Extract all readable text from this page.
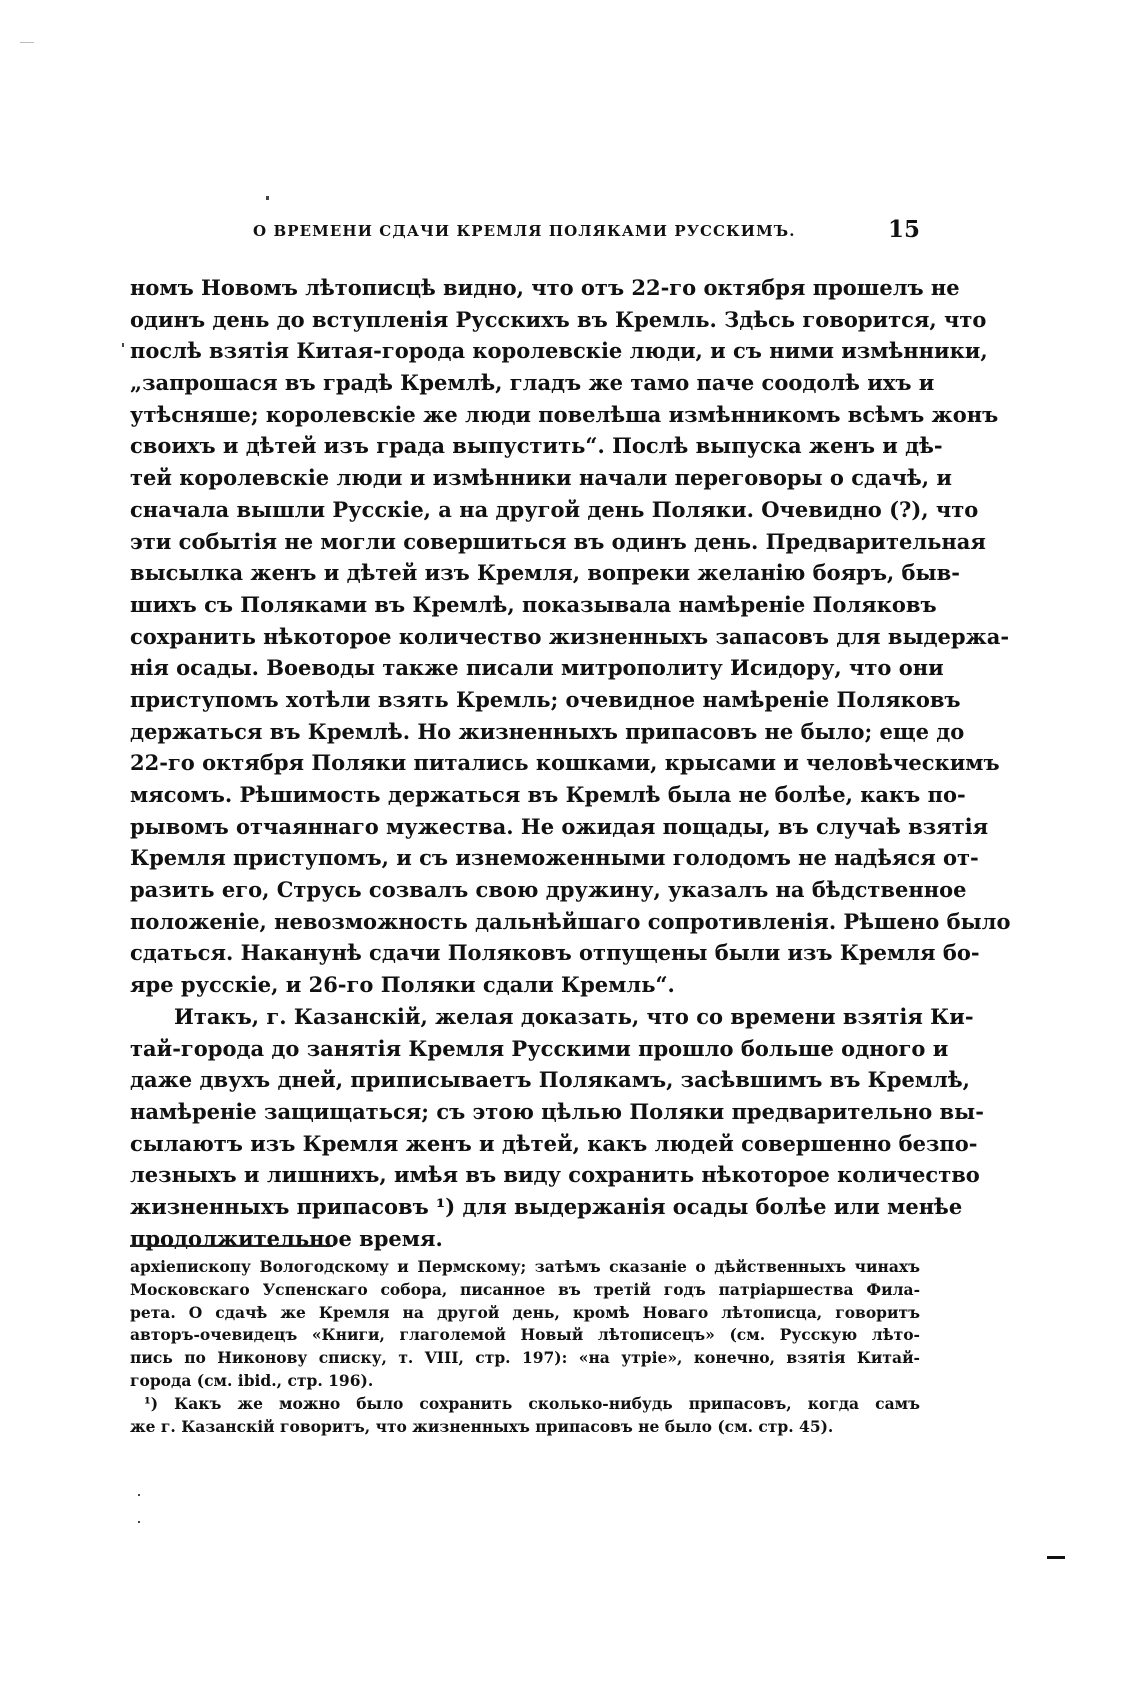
О ВРЕМЕНИ СДАЧИ КРЕМЛЯ ПОЛЯКАМИ РУССКИМЪ.	15
номъ Новомъ лѣтописцѣ видно, что отъ 22-го октября прошелъ не
одинъ день до вступленія Русскихъ въ Кремль. Здѣсь говорится, что
послѣ взятія Китая-города королевскіе люди, и съ ними измѣнники,
„запрошася въ градѣ Кремлѣ, гладъ же тамо паче соодолѣ ихъ и
утѣсняше; королевскіе же люди повелѣша измѣнникомъ всѣмъ жонъ
своихъ и дѣтей изъ града выпустить“. Послѣ выпуска женъ и дѣ-
тей королевскіе люди и измѣнники начали переговоры о сдачѣ, и
сначала вышли Русскіе, а на другой день Поляки. Очевидно (?), что
эти событія не могли совершиться въ одинъ день. Предварительная
высылка женъ и дѣтей изъ Кремля, вопреки желанію бояръ, быв-
шихъ съ Поляками въ Кремлѣ, показывала намѣреніе Поляковъ
сохранить нѣкоторое количество жизненныхъ запасовъ для выдержа-
нія осады. Воеводы также писали митрополиту Исидору, что они
приступомъ хотѣли взять Кремль; очевидное намѣреніе Поляковъ
держаться въ Кремлѣ. Но жизненныхъ припасовъ не было; еще до
22-го октября Поляки питались кошками, крысами и человѣческимъ
мясомъ. Рѣшимость держаться въ Кремлѣ была не болѣе, какъ по-
рывомъ отчаяннаго мужества. Не ожидая пощады, въ случаѣ взятія
Кремля приступомъ, и съ изнеможенными голодомъ не надѣяся от-
разить его, Струсь созвалъ свою дружину, указалъ на бѣдственное
положеніе, невозможность дальнѣйшаго сопротивленія. Рѣшено было
сдаться. Наканунѣ сдачи Поляковъ отпущены были изъ Кремля бо-
яре русскіе, и 26-го Поляки сдали Кремль“.
Итакъ, г. Казанскій, желая доказать, что со времени взятія Ки-
тай-города до занятія Кремля Русскими прошло больше одного и
даже двухъ дней, приписываетъ Полякамъ, засѣвшимъ въ Кремлѣ,
намѣреніе защищаться; съ этою цѣлью Поляки предварительно вы-
сылаютъ изъ Кремля женъ и дѣтей, какъ людей совершенно безпо-
лезныхъ и лишнихъ, имѣя въ виду сохранить нѣкоторое количество
жизненныхъ припасовъ ¹) для выдержанія осады болѣе или менѣе
продолжительное время.
архіепископу Вологодскому и Пермскому; затѣмъ сказаніе о дѣйственныхъ чинахъ
Московскаго Успенскаго собора, писанное въ третій годъ патріаршества Фила-
рета. О сдачѣ же Кремля на другой день, кромѣ Новаго лѣтописца, говоритъ
авторъ-очевидецъ «Книги, глаголемой Новый лѣтописецъ» (см. Русскую лѣто-
пись по Никонову списку, т. VIII, стр. 197): «на утріе», конечно, взятія Китай-
города (см. ibid., стр. 196).
¹) Какъ же можно было сохранить сколько-нибудь припасовъ, когда самъ
же г. Казанскій говоритъ, что жизненныхъ припасовъ не было (см. стр. 45).
